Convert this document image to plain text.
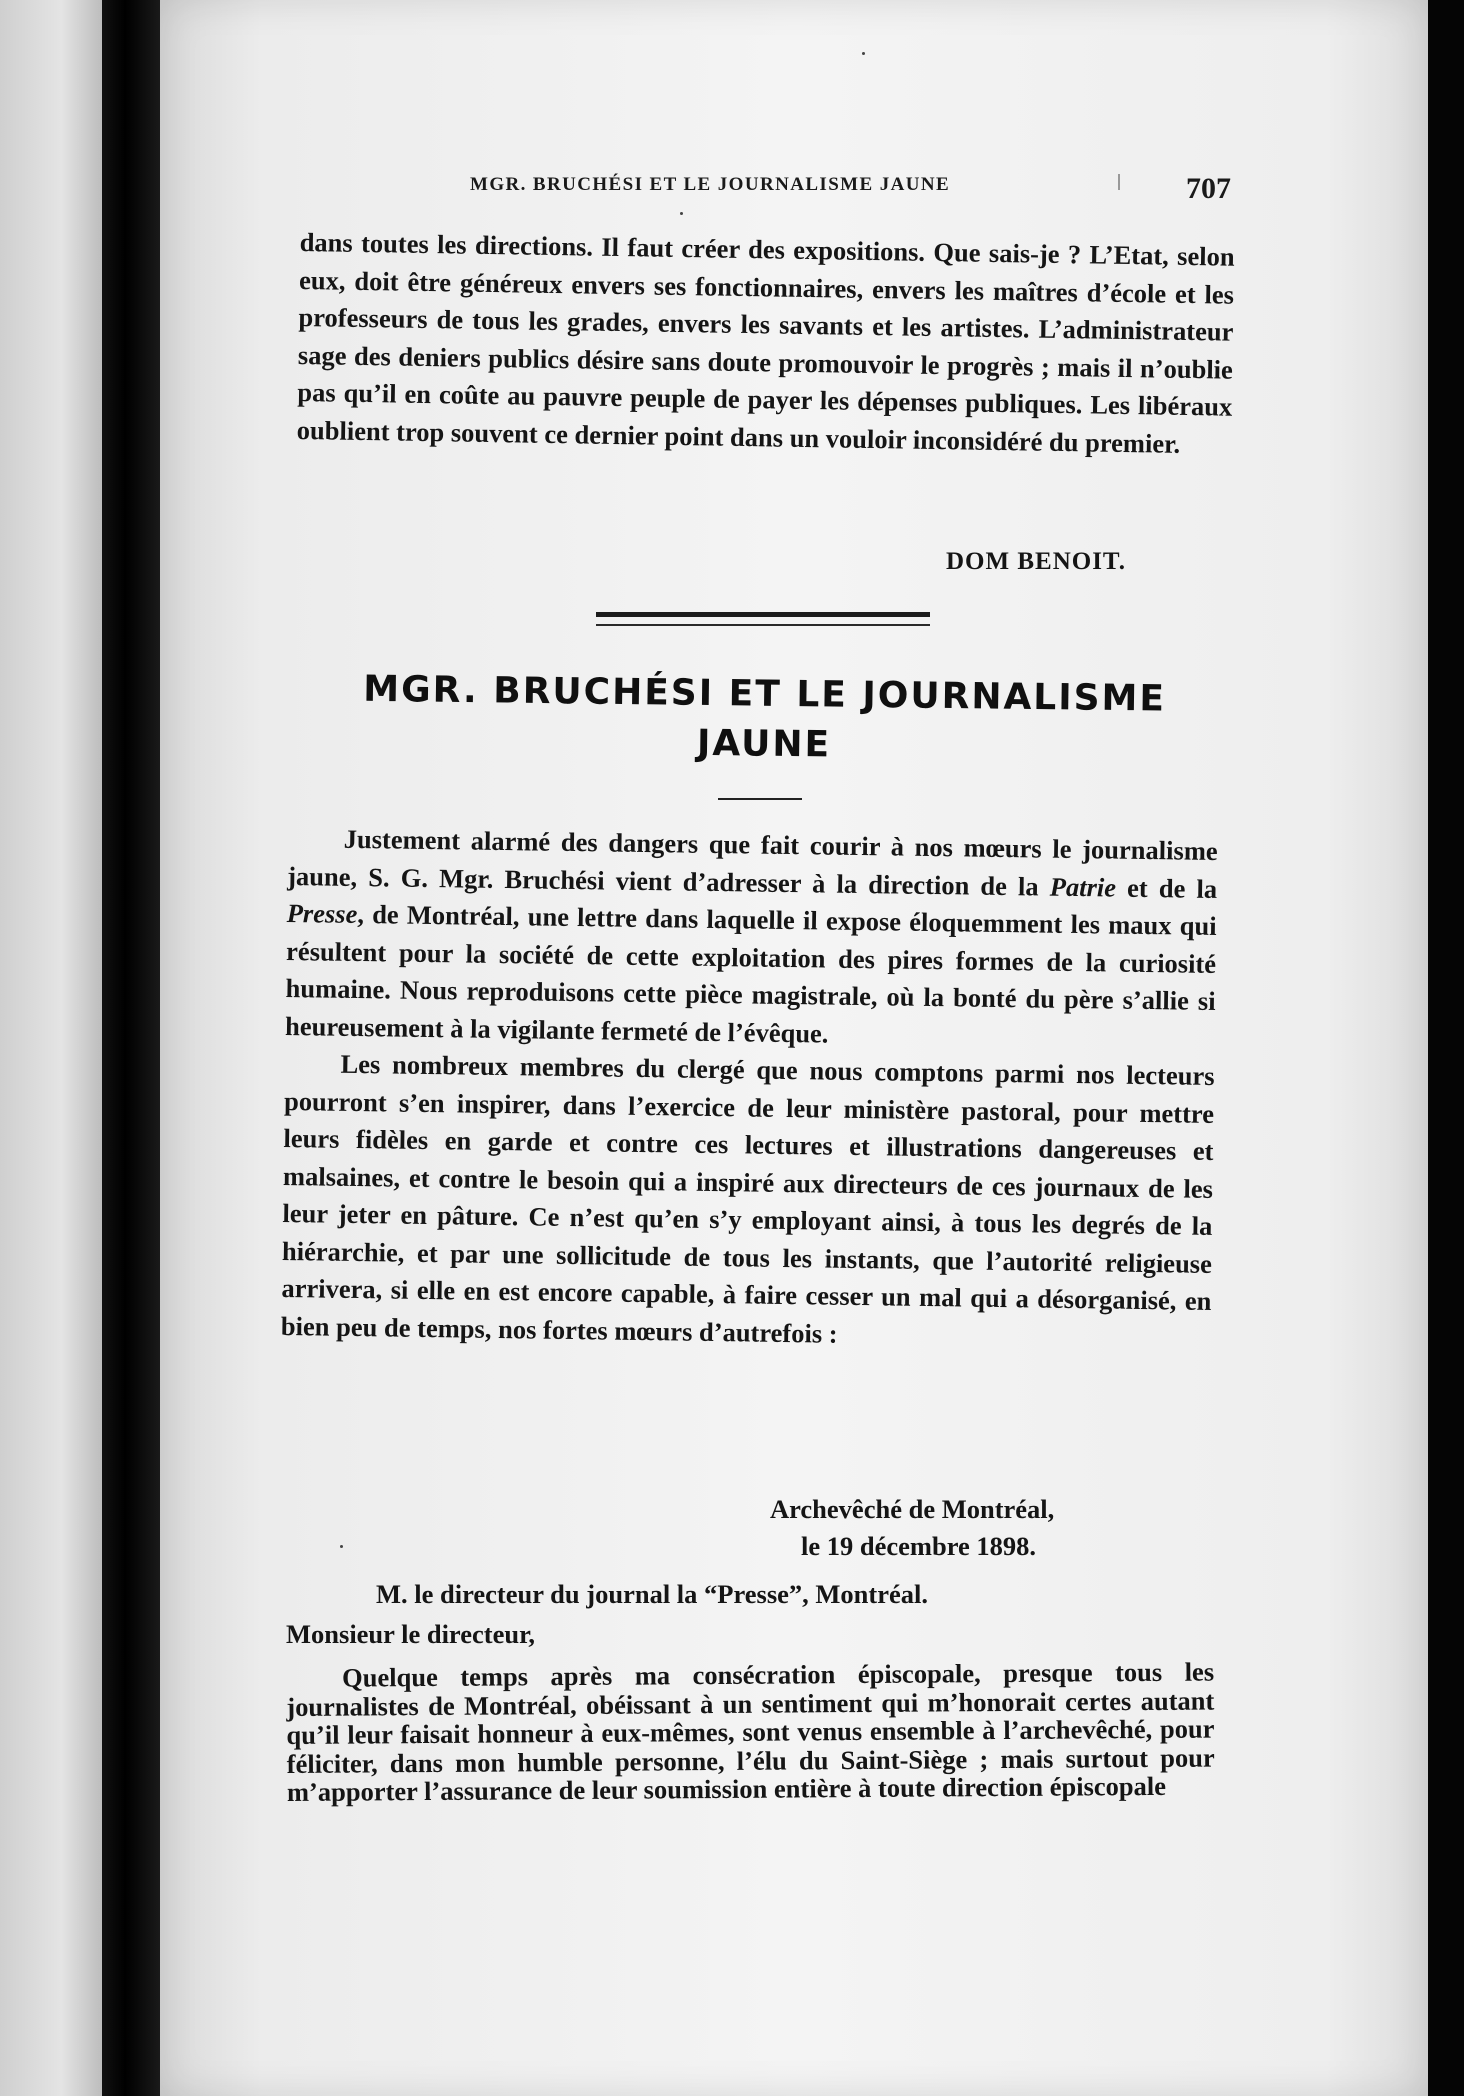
MGR. BRUCHÉSI ET LE JOURNALISME JAUNE	707

dans toutes les directions. Il faut créer des expositions. Que sais-je ? L’Etat, selon eux, doit être généreux envers ses fonctionnaires, envers les maîtres d’école et les professeurs de tous les grades, envers les savants et les artistes. L’administrateur sage des deniers publics désire sans doute promouvoir le progrès ; mais il n’oublie pas qu’il en coûte au pauvre peuple de payer les dépenses publiques. Les libéraux oublient trop souvent ce dernier point dans un vouloir inconsidéré du premier.

DOM BENOIT.
MGR. BRUCHÉSI ET LE JOURNALISME
JAUNE

Justement alarmé des dangers que fait courir à nos mœurs le journalisme jaune, S. G. Mgr. Bruchési vient d’adresser à la direction de la Patrie et de la Presse, de Montréal, une lettre dans laquelle il expose éloquemment les maux qui résultent pour la société de cette exploitation des pires formes de la curiosité humaine. Nous reproduisons cette pièce magistrale, où la bonté du père s’allie si heureusement à la vigilante fermeté de l’évêque.

Les nombreux membres du clergé que nous comptons parmi nos lecteurs pourront s’en inspirer, dans l’exercice de leur ministère pastoral, pour mettre leurs fidèles en garde et contre ces lectures et illustrations dangereuses et malsaines, et contre le besoin qui a inspiré aux directeurs de ces journaux de les leur jeter en pâture. Ce n’est qu’en s’y employant ainsi, à tous les degrés de la hiérarchie, et par une sollicitude de tous les instants, que l’autorité religieuse arrivera, si elle en est encore capable, à faire cesser un mal qui a désorganisé, en bien peu de temps, nos fortes mœurs d’autrefois :

Archevêché de Montréal,
le 19 décembre 1898.
M. le directeur du journal la “Presse”, Montréal.
Monsieur le directeur,

Quelque temps après ma consécration épiscopale, presque tous les journalistes de Montréal, obéissant à un sentiment qui m’honorait certes autant qu’il leur faisait honneur à eux-mêmes, sont venus ensemble à l’archevêché, pour féliciter, dans mon humble personne, l’élu du Saint-Siège ; mais surtout pour m’apporter l’assurance de leur soumission entière à toute direction épiscopale
